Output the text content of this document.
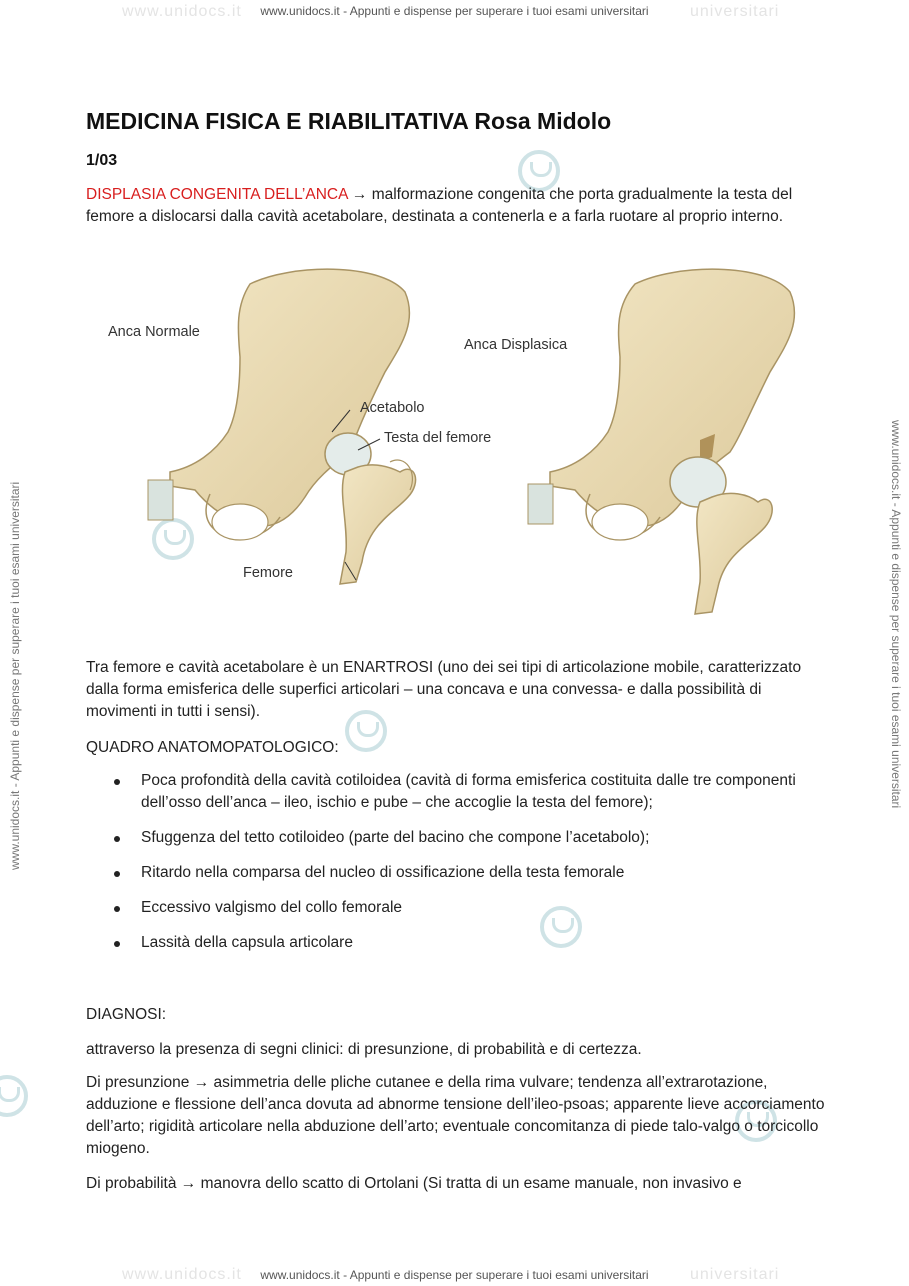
www.unidocs.it	universitari
www.unidocs.it - Appunti e dispense per superare i tuoi esami universitari
www.unidocs.it	universitari
www.unidocs.it - Appunti e dispense per superare i tuoi esami universitari
www.unidocs.it - Appunti e dispense per superare i tuoi esami universitari	www.unidocs.it - Appunti e dispense per superare i tuoi esami universitari
MEDICINA FISICA E RIABILITATIVA Rosa Midolo
1/03

DISPLASIA CONGENITA DELL’ANCA → malformazione congenita che porta gradualmente la testa del femore a dislocarsi dalla cavità acetabolare, destinata a contenerla e a farla ruotare al proprio interno.

Anca Normale
Anca Displasica
Acetabolo
Testa del femore
Femore

Tra femore e cavità acetabolare è un ENARTROSI (uno dei sei tipi di articolazione mobile, caratterizzato dalla forma emisferica delle superfici articolari – una concava e una convessa- e dalla possibilità di movimenti in tutti i sensi).

QUADRO ANATOMOPATOLOGICO:

Poca profondità della cavità cotiloidea (cavità di forma emisferica costituita dalle tre componenti dell’osso dell’anca – ileo, ischio e pube – che accoglie la testa del femore);
Sfuggenza del tetto cotiloideo (parte del bacino che compone l’acetabolo);
Ritardo nella comparsa del nucleo di ossificazione della testa femorale
Eccessivo valgismo del collo femorale
Lassità della capsula articolare

DIAGNOSI:

attraverso la presenza di segni clinici: di presunzione, di probabilità e di certezza.

Di presunzione → asimmetria delle pliche cutanee e della rima vulvare; tendenza all’extrarotazione, adduzione e flessione dell’anca dovuta ad abnorme tensione dell’ileo-psoas; apparente lieve accorciamento dell’arto; rigidità articolare nella abduzione dell’arto; eventuale concomitanza di piede talo-valgo o torcicollo miogeno.

Di probabilità → manovra dello scatto di Ortolani (Si tratta di un esame manuale, non invasivo e
